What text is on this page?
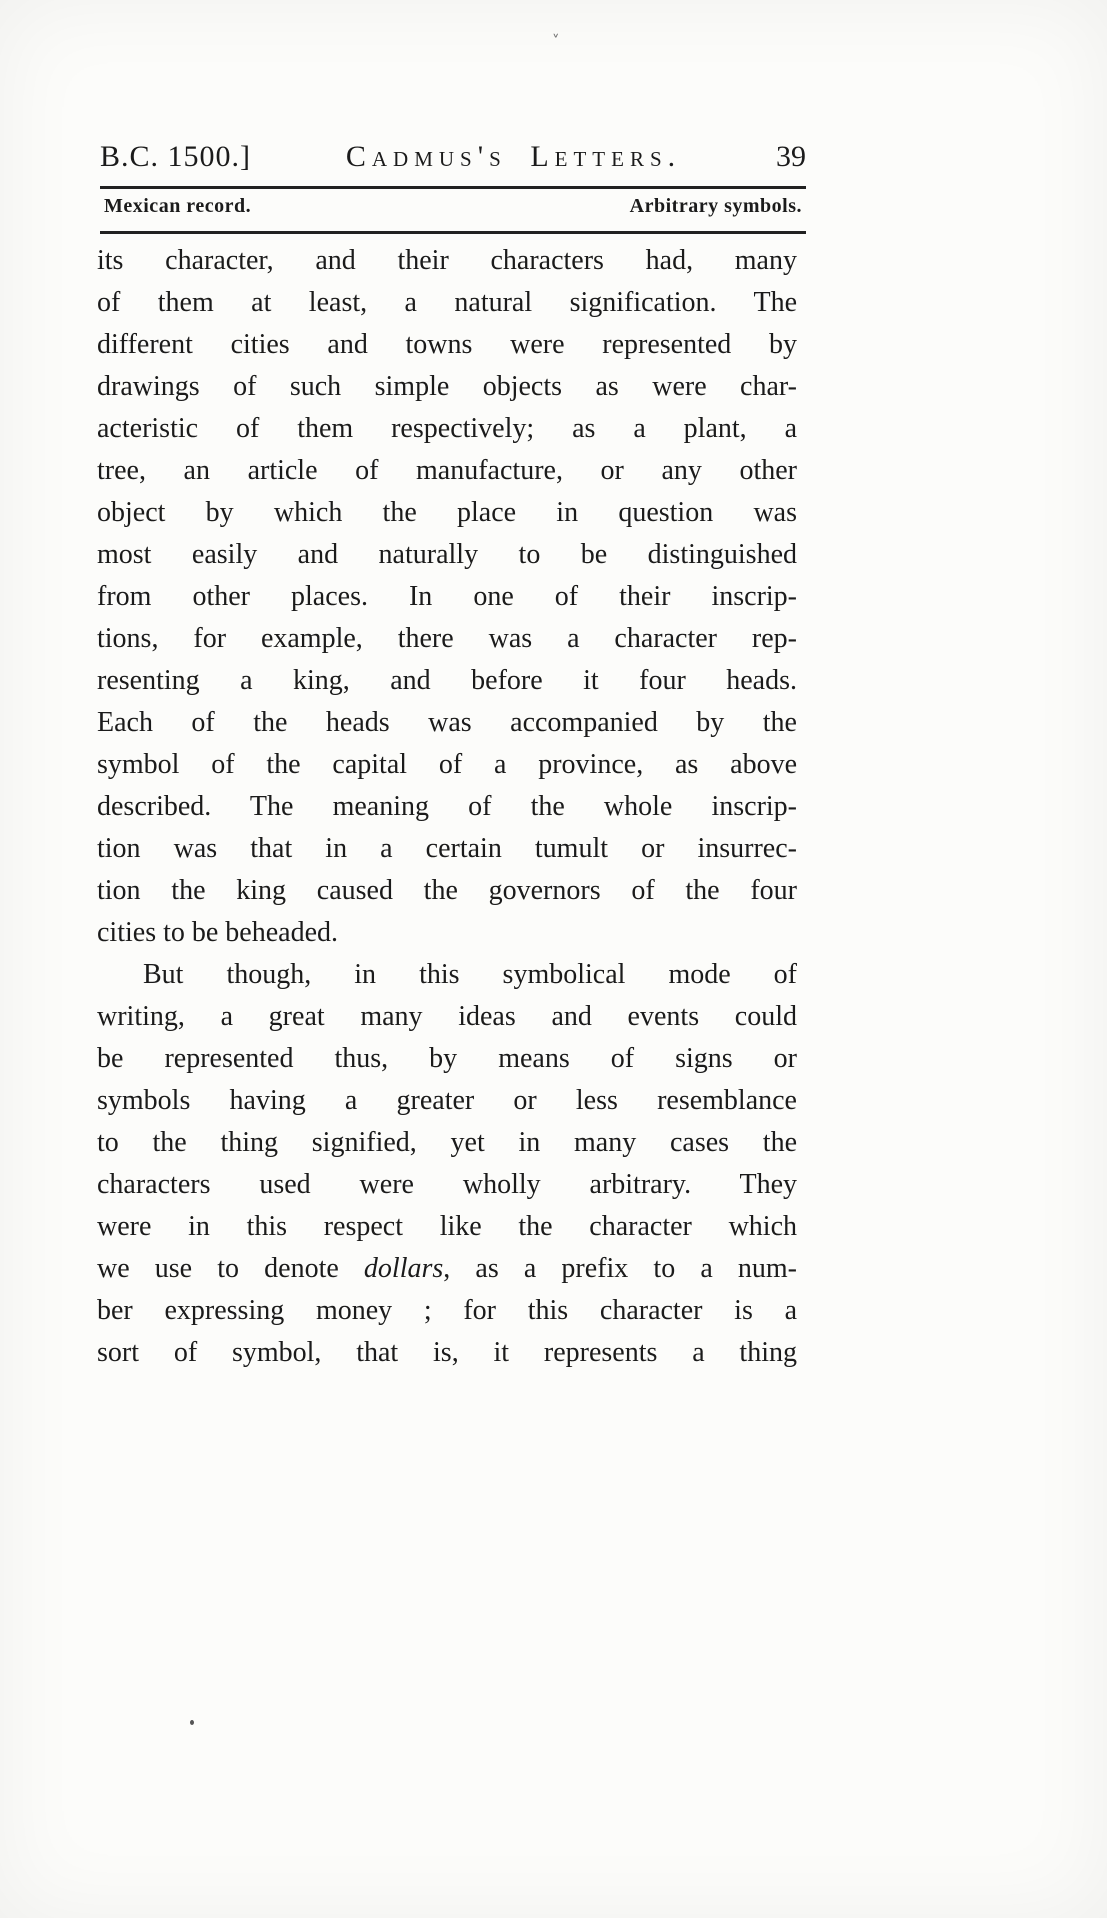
˅
B.C. 1500.]	Cadmus's Letters.	39
Mexican record.	Arbitrary symbols.
its character, and their characters had, many
of them at least, a natural signification. The
different cities and towns were represented by
drawings of such simple objects as were char-
acteristic of them respectively; as a plant, a
tree, an article of manufacture, or any other
object by which the place in question was
most easily and naturally to be distinguished
from other places. In one of their inscrip-
tions, for example, there was a character rep-
resenting a king, and before it four heads.
Each of the heads was accompanied by the
symbol of the capital of a province, as above
described. The meaning of the whole inscrip-
tion was that in a certain tumult or insurrec-
tion the king caused the governors of the four
cities to be beheaded.
But though, in this symbolical mode of
writing, a great many ideas and events could
be represented thus, by means of signs or
symbols having a greater or less resemblance
to the thing signified, yet in many cases the
characters used were wholly arbitrary. They
were in this respect like the character which
we use to denote dollars, as a prefix to a num-
ber expressing money ; for this character is a
sort of symbol, that is, it represents a thing
